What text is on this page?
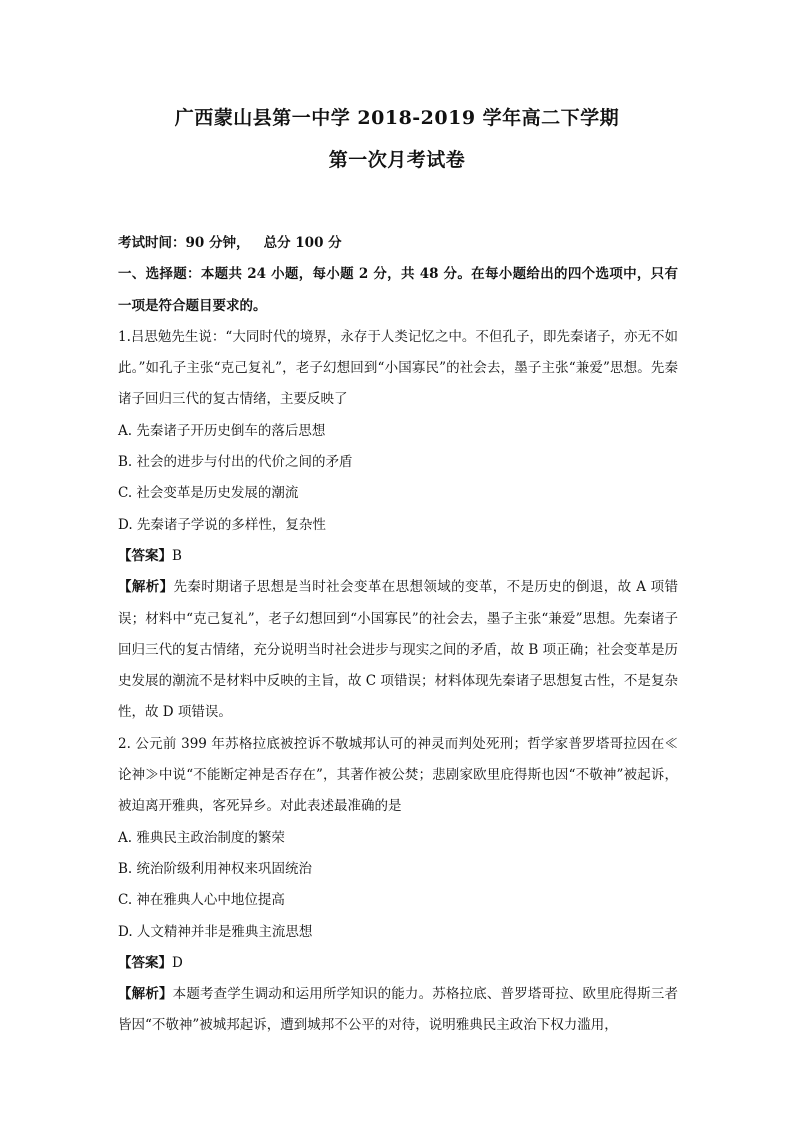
广西蒙山县第一中学 2018-2019 学年高二下学期
第一次月考试卷

考试时间：90 分钟，   总分 100 分

一、选择题：本题共 24 小题，每小题 2 分，共 48 分。在每小题给出的四个选项中，只有一项是符合题目要求的。

1.吕思勉先生说：“大同时代的境界，永存于人类记忆之中。不但孔子，即先秦诸子，亦无不如此。”如孔子主张“克己复礼”，老子幻想回到“小国寡民”的社会去，墨子主张“兼爱”思想。先秦诸子回归三代的复古情绪，主要反映了

A. 先秦诸子开历史倒车的落后思想

B. 社会的进步与付出的代价之间的矛盾

C. 社会变革是历史发展的潮流

D. 先秦诸子学说的多样性，复杂性

【答案】B

【解析】先秦时期诸子思想是当时社会变革在思想领域的变革，不是历史的倒退，故 A 项错误；材料中“克己复礼”，老子幻想回到“小国寡民”的社会去，墨子主张“兼爱”思想。先秦诸子回归三代的复古情绪，充分说明当时社会进步与现实之间的矛盾，故 B 项正确；社会变革是历史发展的潮流不是材料中反映的主旨，故 C 项错误；材料体现先秦诸子思想复古性，不是复杂性，故 D 项错误。

2. 公元前 399 年苏格拉底被控诉不敬城邦认可的神灵而判处死刑；哲学家普罗塔哥拉因在≪论神≫中说“不能断定神是否存在”，其著作被公焚；悲剧家欧里庇得斯也因“不敬神”被起诉，被迫离开雅典，客死异乡。对此表述最准确的是

A. 雅典民主政治制度的繁荣

B. 统治阶级利用神权来巩固统治

C. 神在雅典人心中地位提高

D. 人文精神并非是雅典主流思想

【答案】D

【解析】本题考查学生调动和运用所学知识的能力。苏格拉底、普罗塔哥拉、欧里庇得斯三者皆因“不敬神”被城邦起诉，遭到城邦不公平的对待，说明雅典民主政治下权力滥用，
